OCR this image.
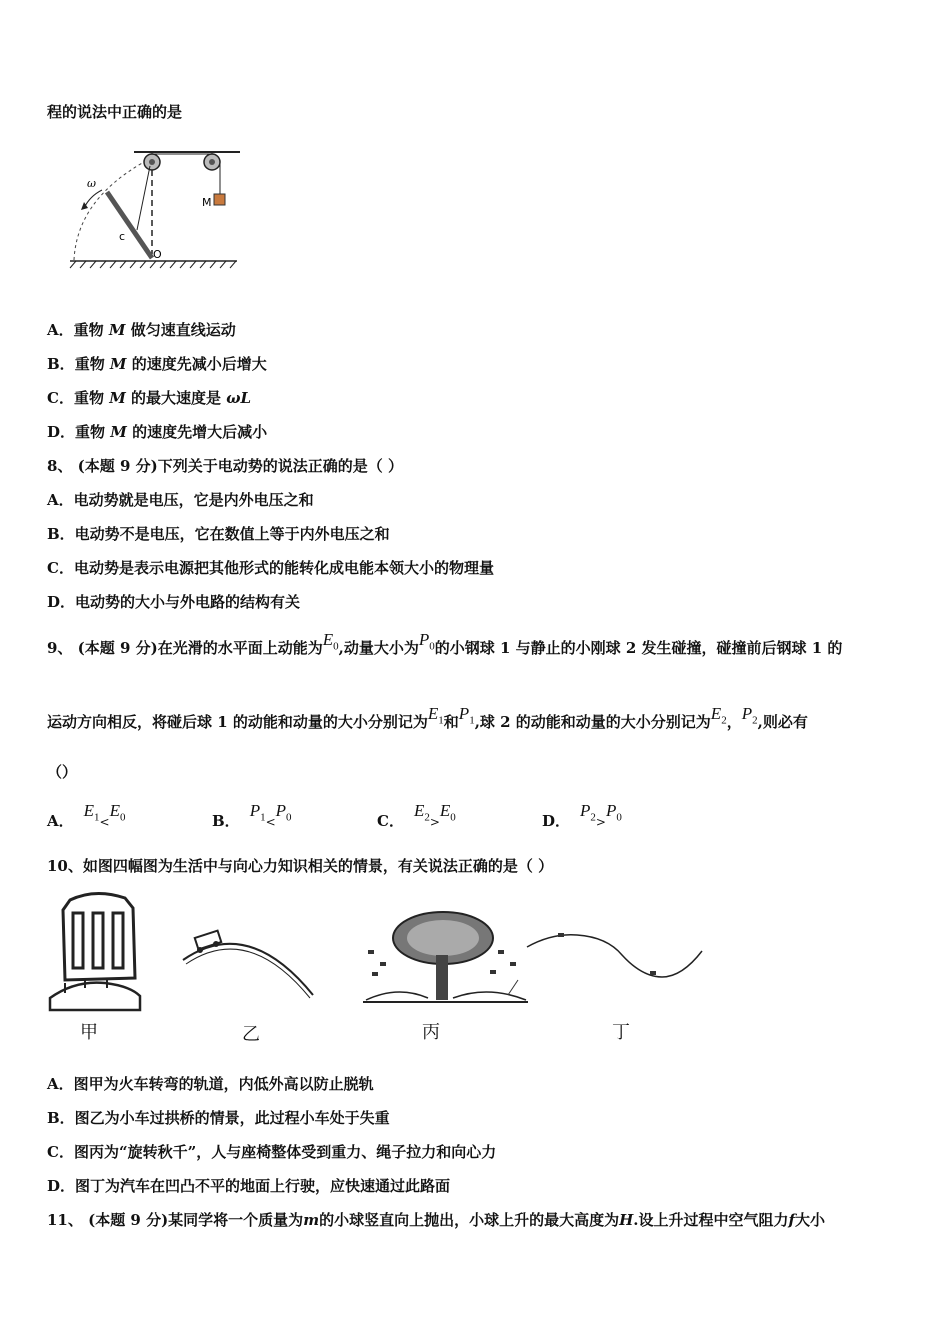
程的说法中正确的是
M
ω
c
O
A．重物 M 做匀速直线运动
B．重物 M 的速度先减小后增大
C．重物 M 的最大速度是 ωL
D．重物 M 的速度先增大后减小
8、 (本题 9 分)下列关于电动势的说法正确的是（ ）
A．电动势就是电压，它是内外电压之和
B．电动势不是电压，它在数值上等于内外电压之和
C．电动势是表示电源把其他形式的能转化成电能本领大小的物理量
D．电动势的大小与外电路的结构有关
9、 (本题 9 分)在光滑的水平面上动能为$E_0$,动量大小为$P_0$的小钢球 1 与静止的小刚球 2 发生碰撞，碰撞前后钢球 1 的
运动方向相反，将碰后球 1 的动能和动量的大小分别记为$E_1$和$P_1$,球 2 的动能和动量的大小分别记为$E_2$，$P_2$,则必有
（）
A．$E_1<E_0$	B．$P_1<P_0$	C．$E_2>E_0$	D．$P_2>P_0$
10、如图四幅图为生活中与向心力知识相关的情景，有关说法正确的是（ ）
甲	乙	丙	丁
A．图甲为火车转弯的轨道，内低外高以防止脱轨
B．图乙为小车过拱桥的情景，此过程小车处于失重
C．图丙为“旋转秋千”，人与座椅整体受到重力、绳子拉力和向心力
D．图丁为汽车在凹凸不平的地面上行驶，应快速通过此路面
11、 (本题 9 分)某同学将一个质量为m的小球竖直向上抛出，小球上升的最大高度为H.设上升过程中空气阻力f大小
